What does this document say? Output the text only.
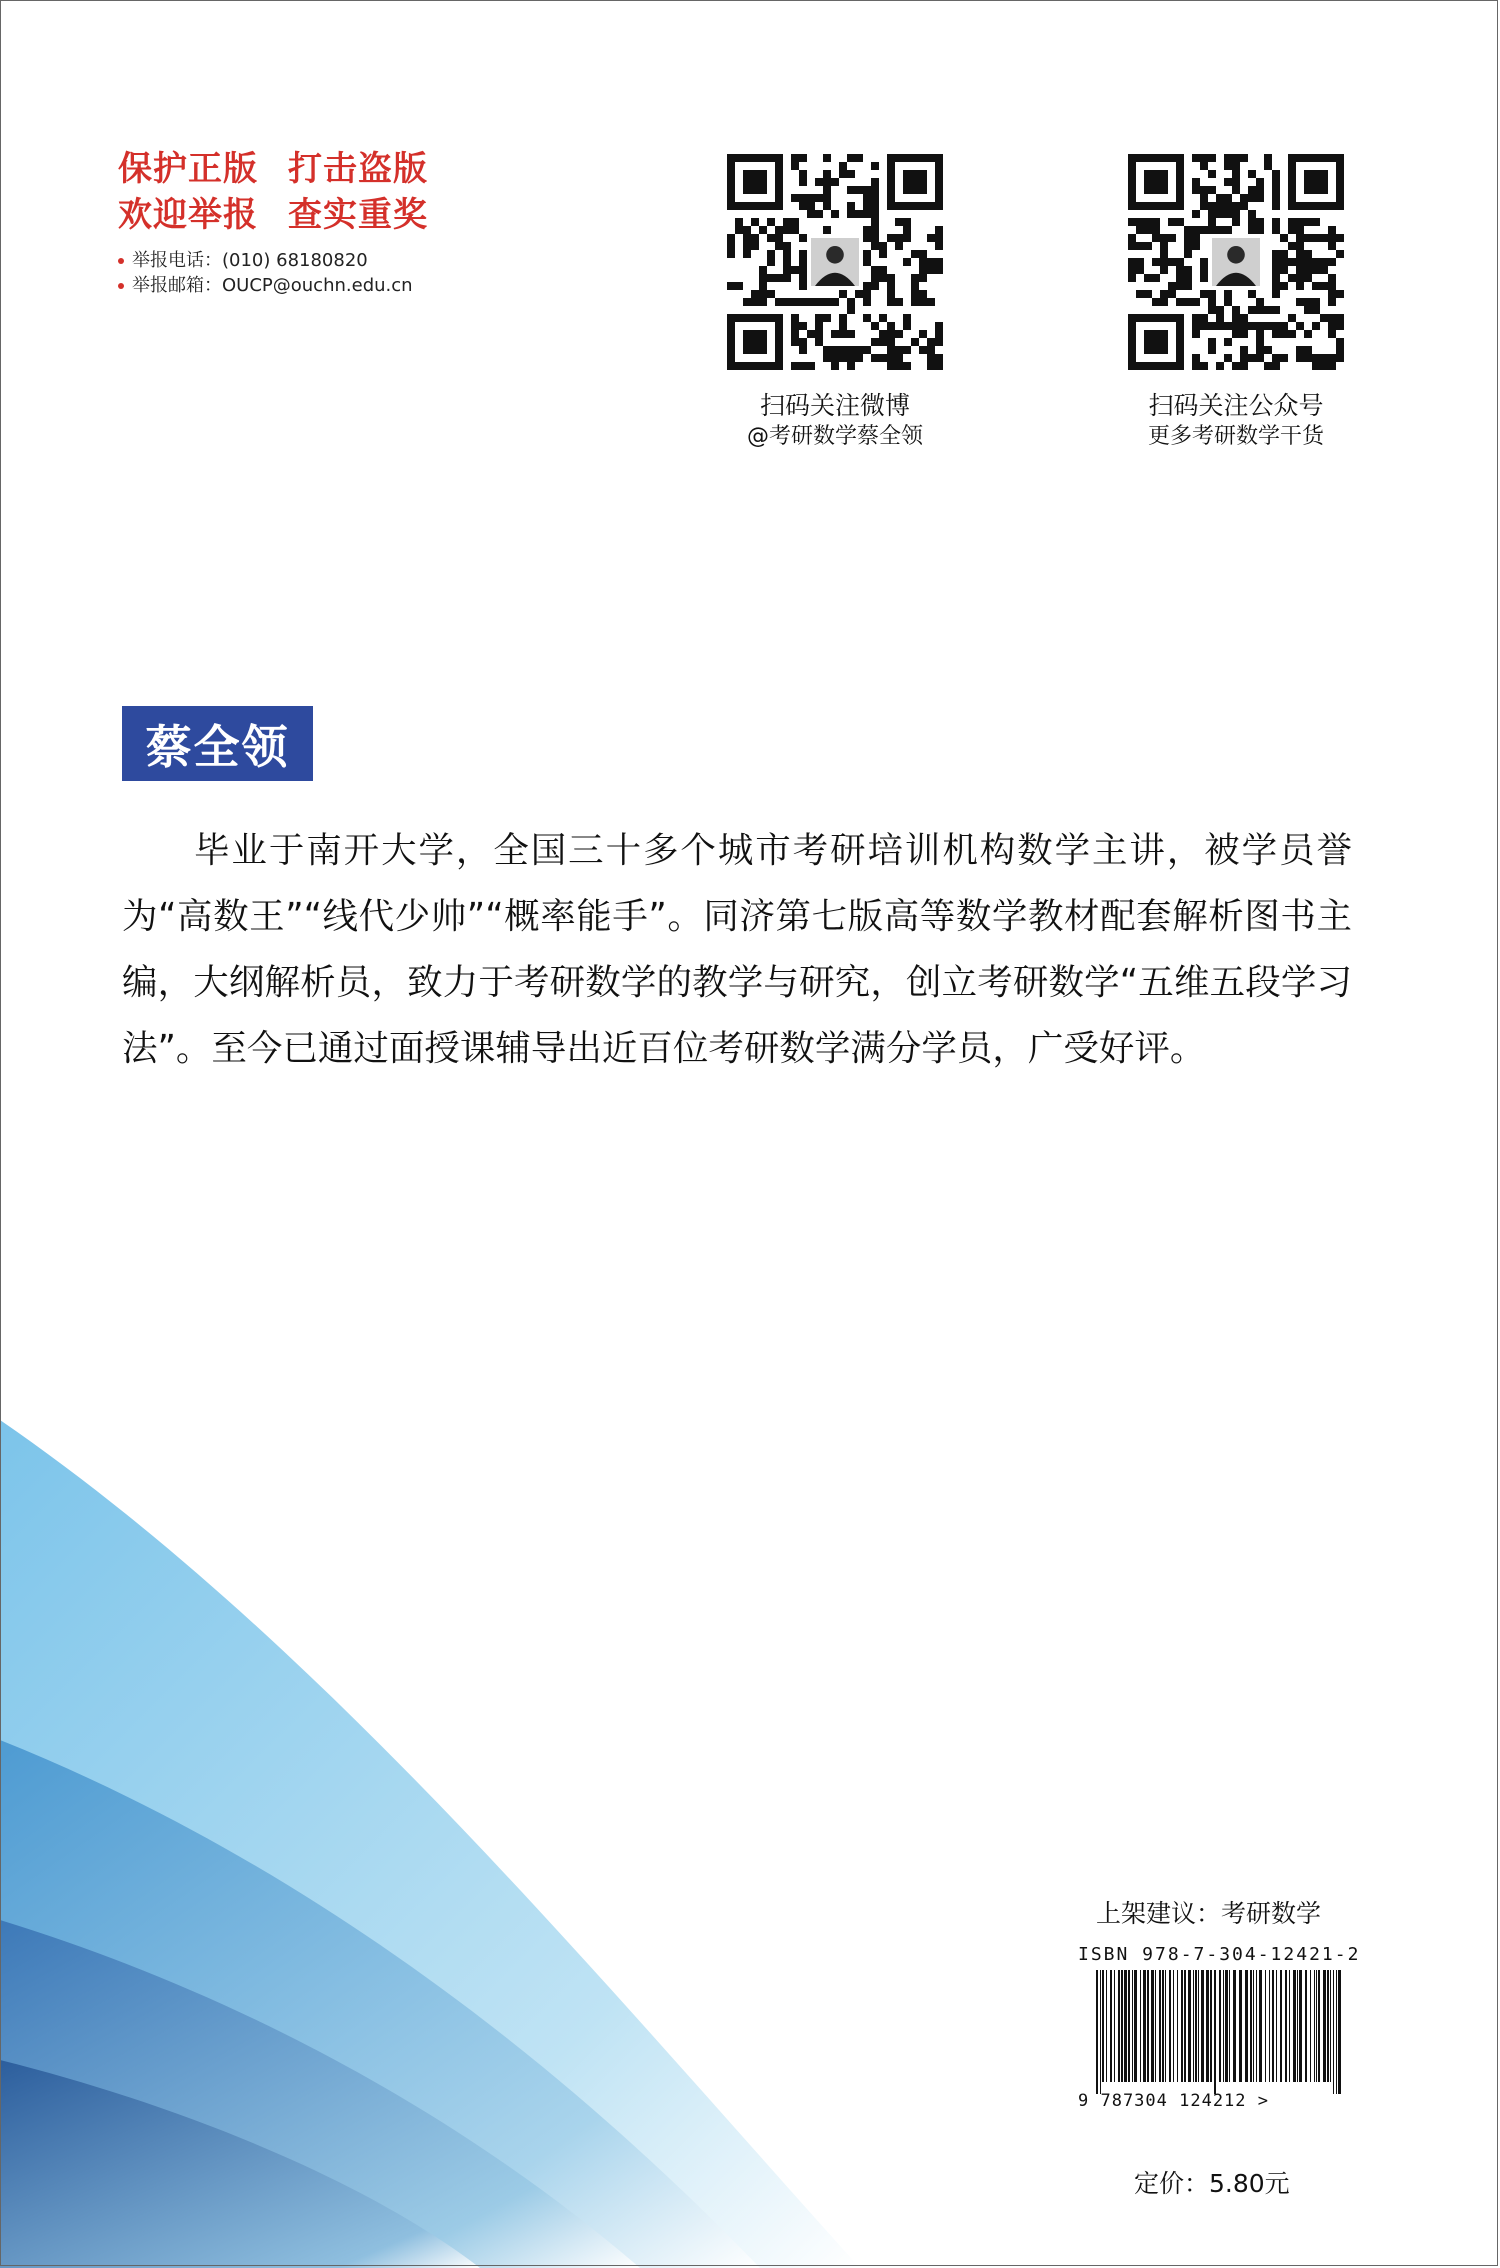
保护正版 打击盗版
欢迎举报 查实重奖
举报电话：(010) 68180820
举报邮箱：OUCP@ouchn.edu.cn
扫码关注微博
@考研数学蔡全领
扫码关注公众号
更多考研数学干货
蔡全领

毕业于南开大学，全国三十多个城市考研培训机构数学主讲，被学员誉为“高数王”“线代少帅”“概率能手”。同济第七版高等数学教材配套解析图书主编，大纲解析员，致力于考研数学的教学与研究，创立考研数学“五维五段学习法”。至今已通过面授课辅导出近百位考研数学满分学员，广受好评。

上架建议：考研数学
ISBN 978-7-304-12421-2
9 787304 124212 >
定价：5.80元
